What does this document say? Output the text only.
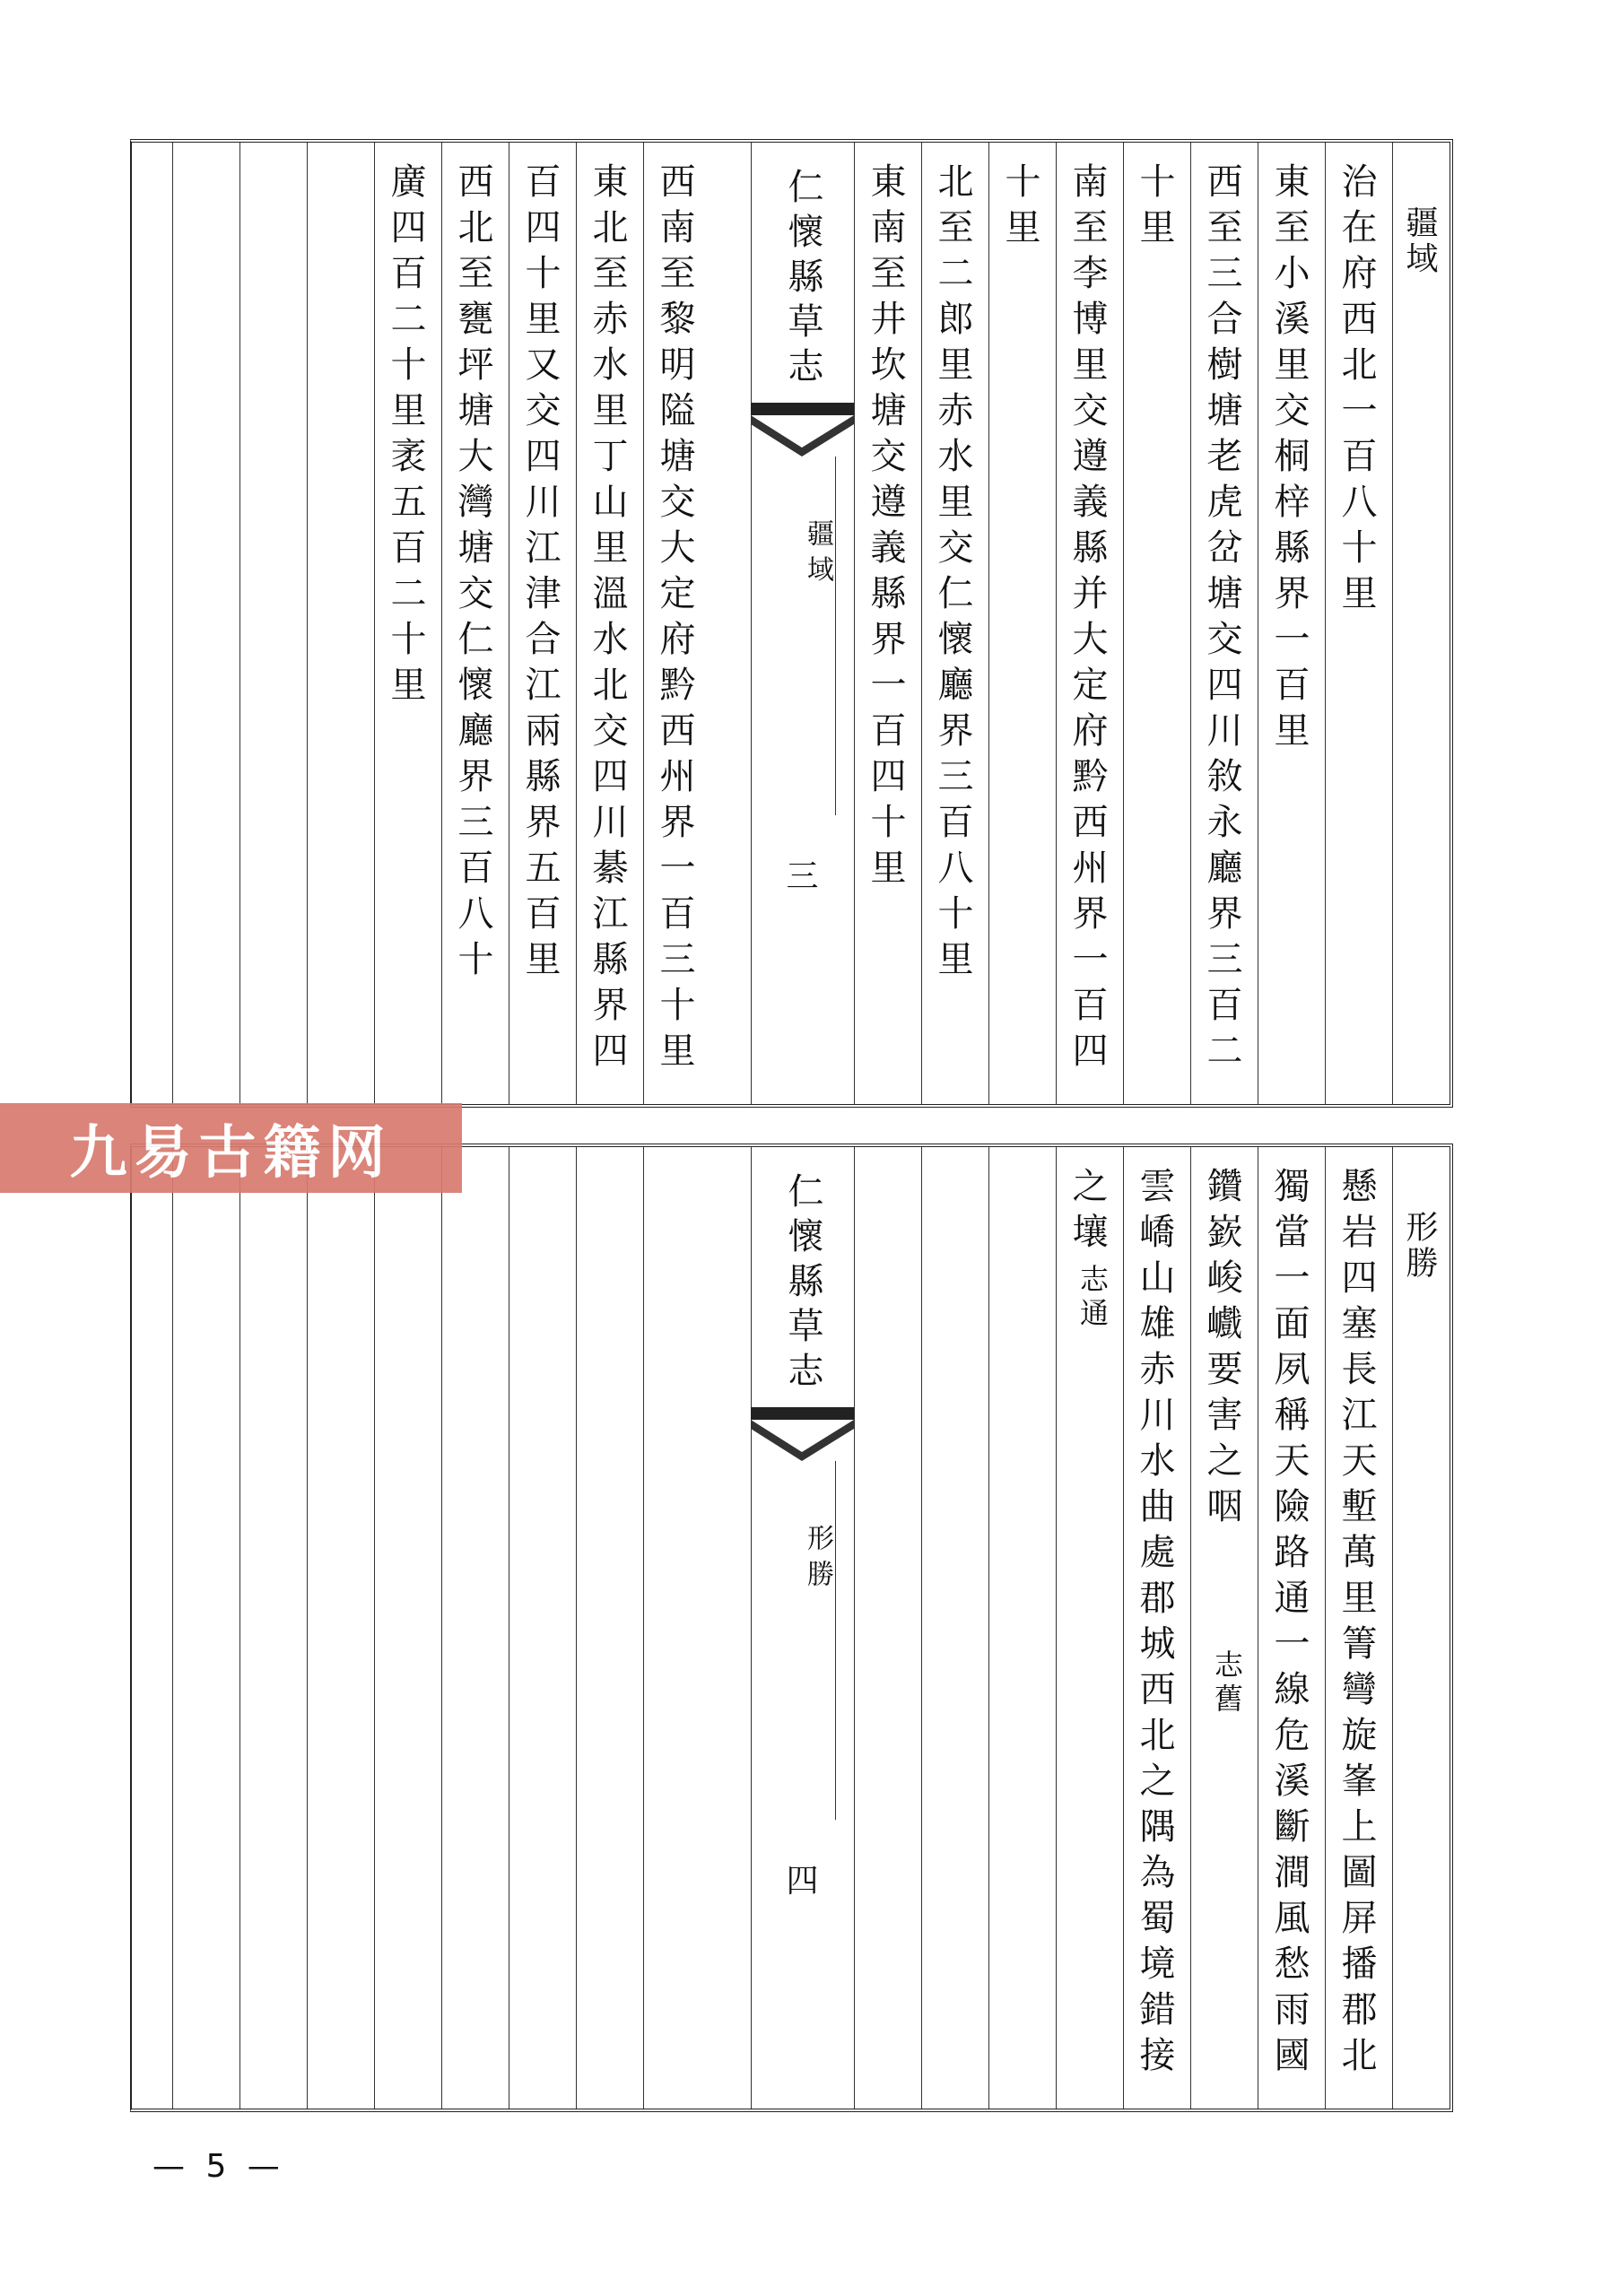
疆域
治在府西北一百八十里
東至小溪里交桐梓縣界一百里
西至三合樹塘老虎岔塘交四川敘永廳界三百二
十里
南至李博里交遵義縣并大定府黔西州界一百四
十里
北至二郎里赤水里交仁懷廳界三百八十里
東南至井坎塘交遵義縣界一百四十里
仁懷縣草志
疆域
三
西南至黎明隘塘交大定府黔西州界一百三十里
東北至赤水里丁山里溫水北交四川綦江縣界四
百四十里又交四川江津合江兩縣界五百里
西北至甕坪塘大灣塘交仁懷廳界三百八十
廣四百二十里袤五百二十里
形勝
懸岩四塞長江天塹萬里箐彎旋峯上圖屏播郡北
獨當一面夙稱天險路通一線危溪斷澗風愁雨國
鑽嶔峻巇要害之咽
志舊
雲嶠山雄赤川水曲處郡城西北之隅為蜀境錯接
之壤
志通
仁懷縣草志
形勝
四
九易古籍网
— 5 —
